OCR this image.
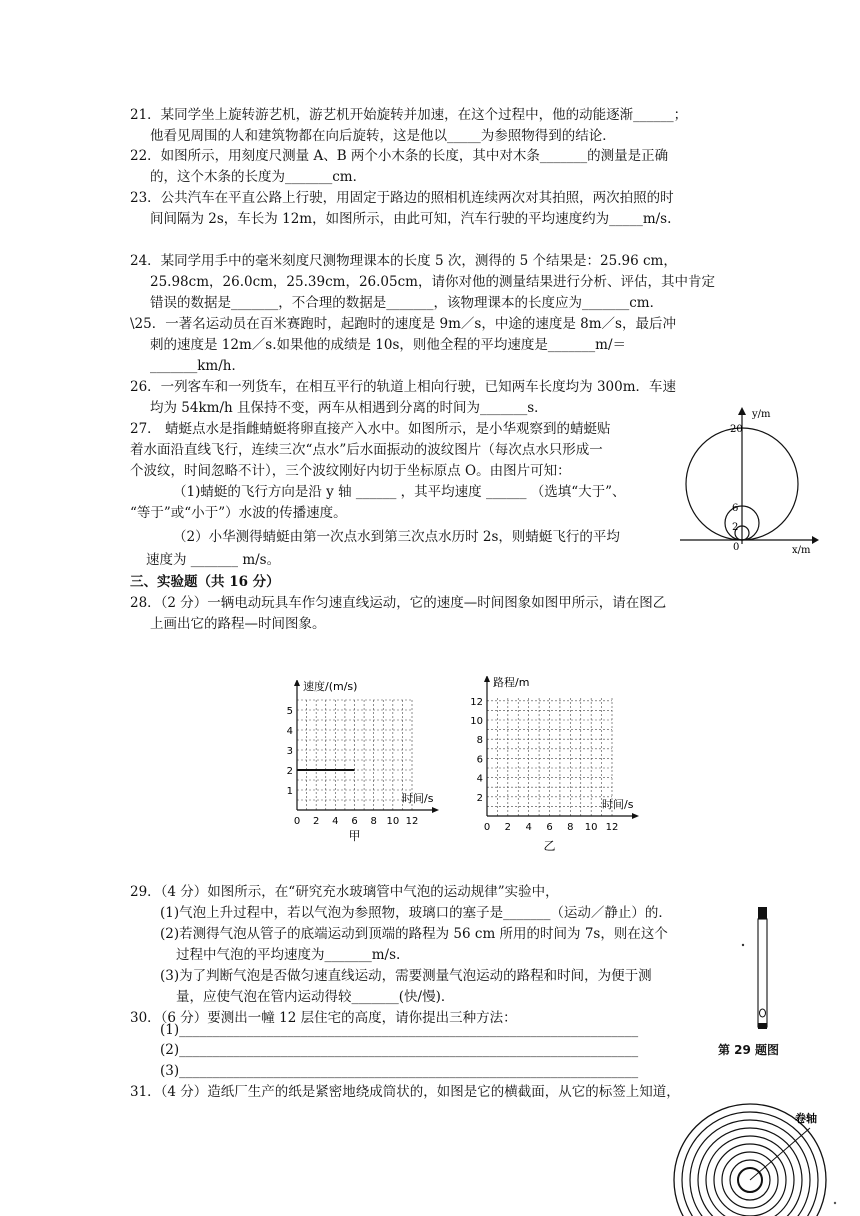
21．某同学坐上旋转游艺机，游艺机开始旋转并加速，在这个过程中，他的动能逐渐______；
他看见周围的人和建筑物都在向后旋转，这是他以_____为参照物得到的结论．
22．如图所示，用刻度尺测量 A、B 两个小木条的长度，其中对木条_______的测量是正确
的，这个木条的长度为_______cm．
23．公共汽车在平直公路上行驶，用固定于路边的照相机连续两次对其拍照，两次拍照的时
间间隔为 2s，车长为 12m，如图所示，由此可知，汽车行驶的平均速度约为_____m/s.
24．某同学用手中的毫米刻度尺测物理课本的长度 5 次，测得的 5 个结果是：25.96 cm，
25.98cm，26.0cm，25.39cm，26.05cm，请你对他的测量结果进行分析、评估，其中肯定
错误的数据是_______，不合理的数据是_______，该物理课本的长度应为_______cm．
\25．一著名运动员在百米赛跑时，起跑时的速度是 9m／s，中途的速度是 8m／s，最后冲
刺的速度是 12m／s.如果他的成绩是 10s，则他全程的平均速度是_______m/＝
_______km/h．
26．一列客车和一列货车，在相互平行的轨道上相向行驶，已知两车长度均为 300m．车速
均为 54km/h 且保持不变，两车从相遇到分离的时间为_______s．
27． 蜻蜓点水是指雌蜻蜓将卵直接产入水中。如图所示，是小华观察到的蜻蜓贴
着水面沿直线飞行，连续三次“点水”后水面振动的波纹图片（每次点水只形成一
个波纹，时间忽略不计），三个波纹刚好内切于坐标原点 O。由图片可知：
（1)蜻蜓的飞行方向是沿 y 轴 ______ ，其平均速度 ______ （选填“大于”、
“等于”或“小于”）水波的传播速度。
（2）小华测得蜻蜓由第一次点水到第三次点水历时 2s，则蜻蜓飞行的平均
速度为 _______ m/s。
20
6
2
0
y/m
x/m
三、实验题（共 16 分）
28．（2 分）一辆电动玩具车作匀速直线运动，它的速度—时间图象如图甲所示，请在图乙
上画出它的路程—时间图象。
0 2 4 6 8 10 12
1
2
3
4
5
速度/(m/s)
时间/s
甲
0 2 4 6 8 10 12
2
4
6
8
10
12
路程/m
时间/s
乙
29．（4 分）如图所示，在“研究充水玻璃管中气泡的运动规律”实验中，
(1)气泡上升过程中，若以气泡为参照物，玻璃口的塞子是_______（运动／静止）的．
(2)若测得气泡从管子的底端运动到顶端的路程为 56 cm 所用的时间为 7s，则在这个
过程中气泡的平均速度为_______m/s.
(3)为了判断气泡是否做匀速直线运动，需要测量气泡运动的路程和时间，为便于测
量，应使气泡在管内运动得较_______(快/慢)．
第 29 题图
30．（6 分）要测出一幢 12 层住宅的高度，请你提出三种方法：
(1)____________________________________________________________________
(2)____________________________________________________________________
(3)____________________________________________________________________
31．（4 分）造纸厂生产的纸是紧密地绕成筒状的，如图是它的横截面，从它的标签上知道，
卷轴
